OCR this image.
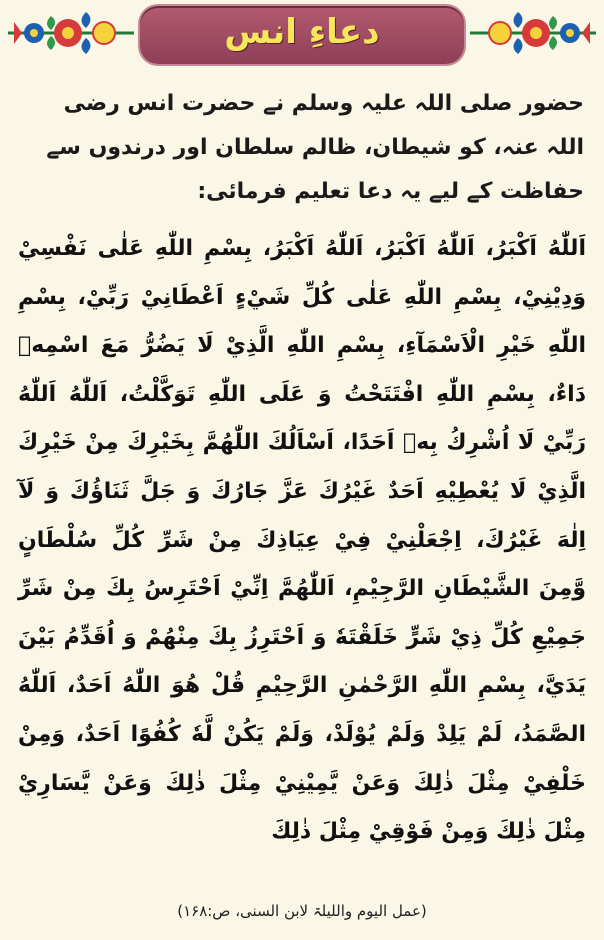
دعاءِ انس
حضور صلی اللہ علیہ وسلم نے حضرت انس رضی اللہ عنہ، کو شیطان، ظالم سلطان اور درندوں سے حفاظت کے لیے یہ دعا تعلیم فرمائی:
اَللّٰهُ اَكْبَرُ، اَللّٰهُ اَكْبَرُ، اَللّٰهُ اَكْبَرُ، بِسْمِ اللّٰهِ عَلٰى نَفْسِيْ وَدِيْنِيْ، بِسْمِ اللّٰهِ عَلٰى كُلِّ شَيْءٍ اَعْطَانِيْ رَبِّيْ، بِسْمِ اللّٰهِ خَيْرِ الْاَسْمَآءِ، بِسْمِ اللّٰهِ الَّذِيْ لَا يَضُرُّ مَعَ اسْمِهٖ دَاءٌ، بِسْمِ اللّٰهِ افْتَتَحْتُ وَ عَلَى اللّٰهِ تَوَكَّلْتُ، اَللّٰهُ اَللّٰهُ رَبِّيْ لَا اُشْرِكُ بِهٖ اَحَدًا، اَسْاَلُكَ اللّٰهُمَّ بِخَيْرِكَ مِنْ خَيْرِكَ الَّذِيْ لَا يُعْطِيْهِ اَحَدٌ غَيْرُكَ عَزَّ جَارُكَ وَ جَلَّ ثَنَاؤُكَ وَ لَآ اِلٰهَ غَيْرُكَ، اِجْعَلْنِيْ فِيْ عِيَاذِكَ مِنْ شَرِّ كُلِّ سُلْطَانٍ وَّمِنَ الشَّيْطَانِ الرَّجِيْمِ، اَللّٰهُمَّ اِنِّيْ اَحْتَرِسُ بِكَ مِنْ شَرِّ جَمِيْعِ كُلِّ ذِيْ شَرٍّ خَلَقْتَهٗ وَ اَحْتَرِزُ بِكَ مِنْهُمْ وَ اُقَدِّمُ بَيْنَ يَدَيَّ، بِسْمِ اللّٰهِ الرَّحْمٰنِ الرَّحِيْمِ قُلْ هُوَ اللّٰهُ اَحَدٌ، اَللّٰهُ الصَّمَدُ، لَمْ يَلِدْ وَلَمْ يُوْلَدْ، وَلَمْ يَكُنْ لَّهٗ كُفُوًا اَحَدٌ، وَمِنْ خَلْفِيْ مِثْلَ ذٰلِكَ وَعَنْ يَّمِيْنِيْ مِثْلَ ذٰلِكَ وَعَنْ يَّسَارِيْ مِثْلَ ذٰلِكَ وَمِنْ فَوْقِيْ مِثْلَ ذٰلِكَ
(عمل الیوم واللیلۃ لابن السنی، ص:۱۶۸)
